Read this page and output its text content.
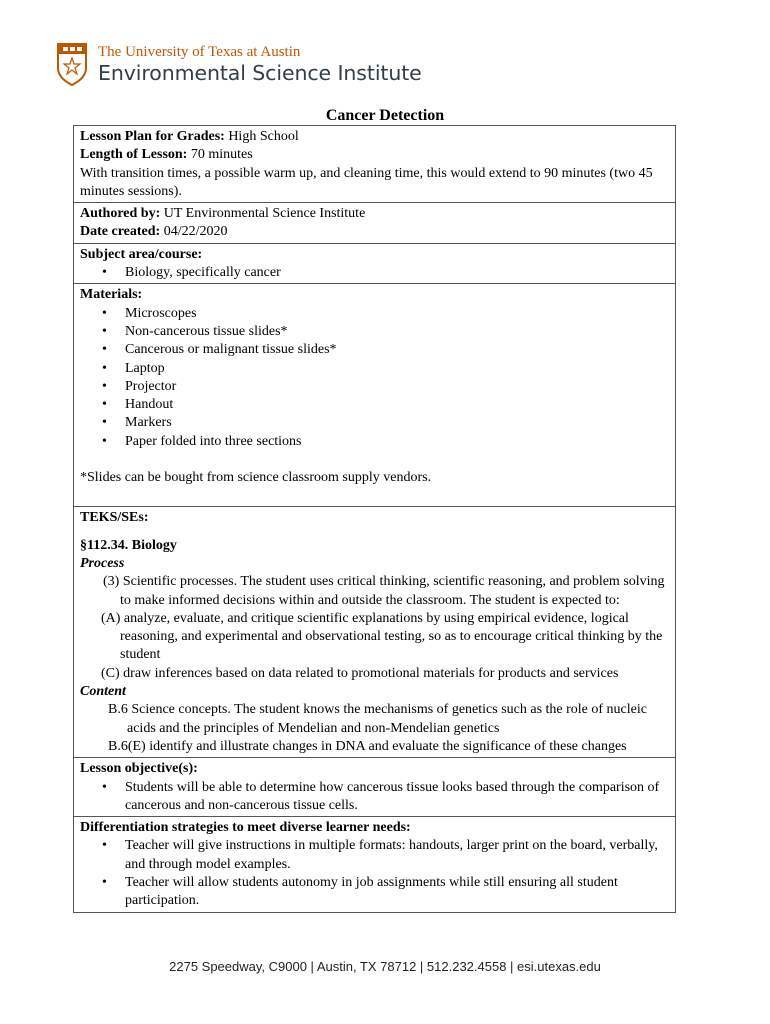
The University of Texas at Austin
Environmental Science Institute
Cancer Detection

Lesson Plan for Grades: High School

Length of Lesson: 70 minutes

With transition times, a possible warm up, and cleaning time, this would extend to 90 minutes (two 45 minutes sessions).

Authored by: UT Environmental Science Institute

Date created: 04/22/2020

Subject area/course:

• Biology, specifically cancer

Materials:

• Microscopes
• Non-cancerous tissue slides*
• Cancerous or malignant tissue slides*
• Laptop
• Projector
• Handout
• Markers
• Paper folded into three sections

*Slides can be bought from science classroom supply vendors.

TEKS/SEs:

§112.34. Biology

Process

(3) Scientific processes. The student uses critical thinking, scientific reasoning, and problem solving to make informed decisions within and outside the classroom. The student is expected to:

(A) analyze, evaluate, and critique scientific explanations by using empirical evidence, logical reasoning, and experimental and observational testing, so as to encourage critical thinking by the student

(C) draw inferences based on data related to promotional materials for products and services

Content

B.6 Science concepts. The student knows the mechanisms of genetics such as the role of nucleic acids and the principles of Mendelian and non-Mendelian genetics

B.6(E) identify and illustrate changes in DNA and evaluate the significance of these changes

Lesson objective(s):

• Students will be able to determine how cancerous tissue looks based through the comparison of cancerous and non-cancerous tissue cells.

Differentiation strategies to meet diverse learner needs:

• Teacher will give instructions in multiple formats: handouts, larger print on the board, verbally, and through model examples.
• Teacher will allow students autonomy in job assignments while still ensuring all student participation.
2275 Speedway, C9000 | Austin, TX 78712 | 512.232.4558 | esi.utexas.edu
